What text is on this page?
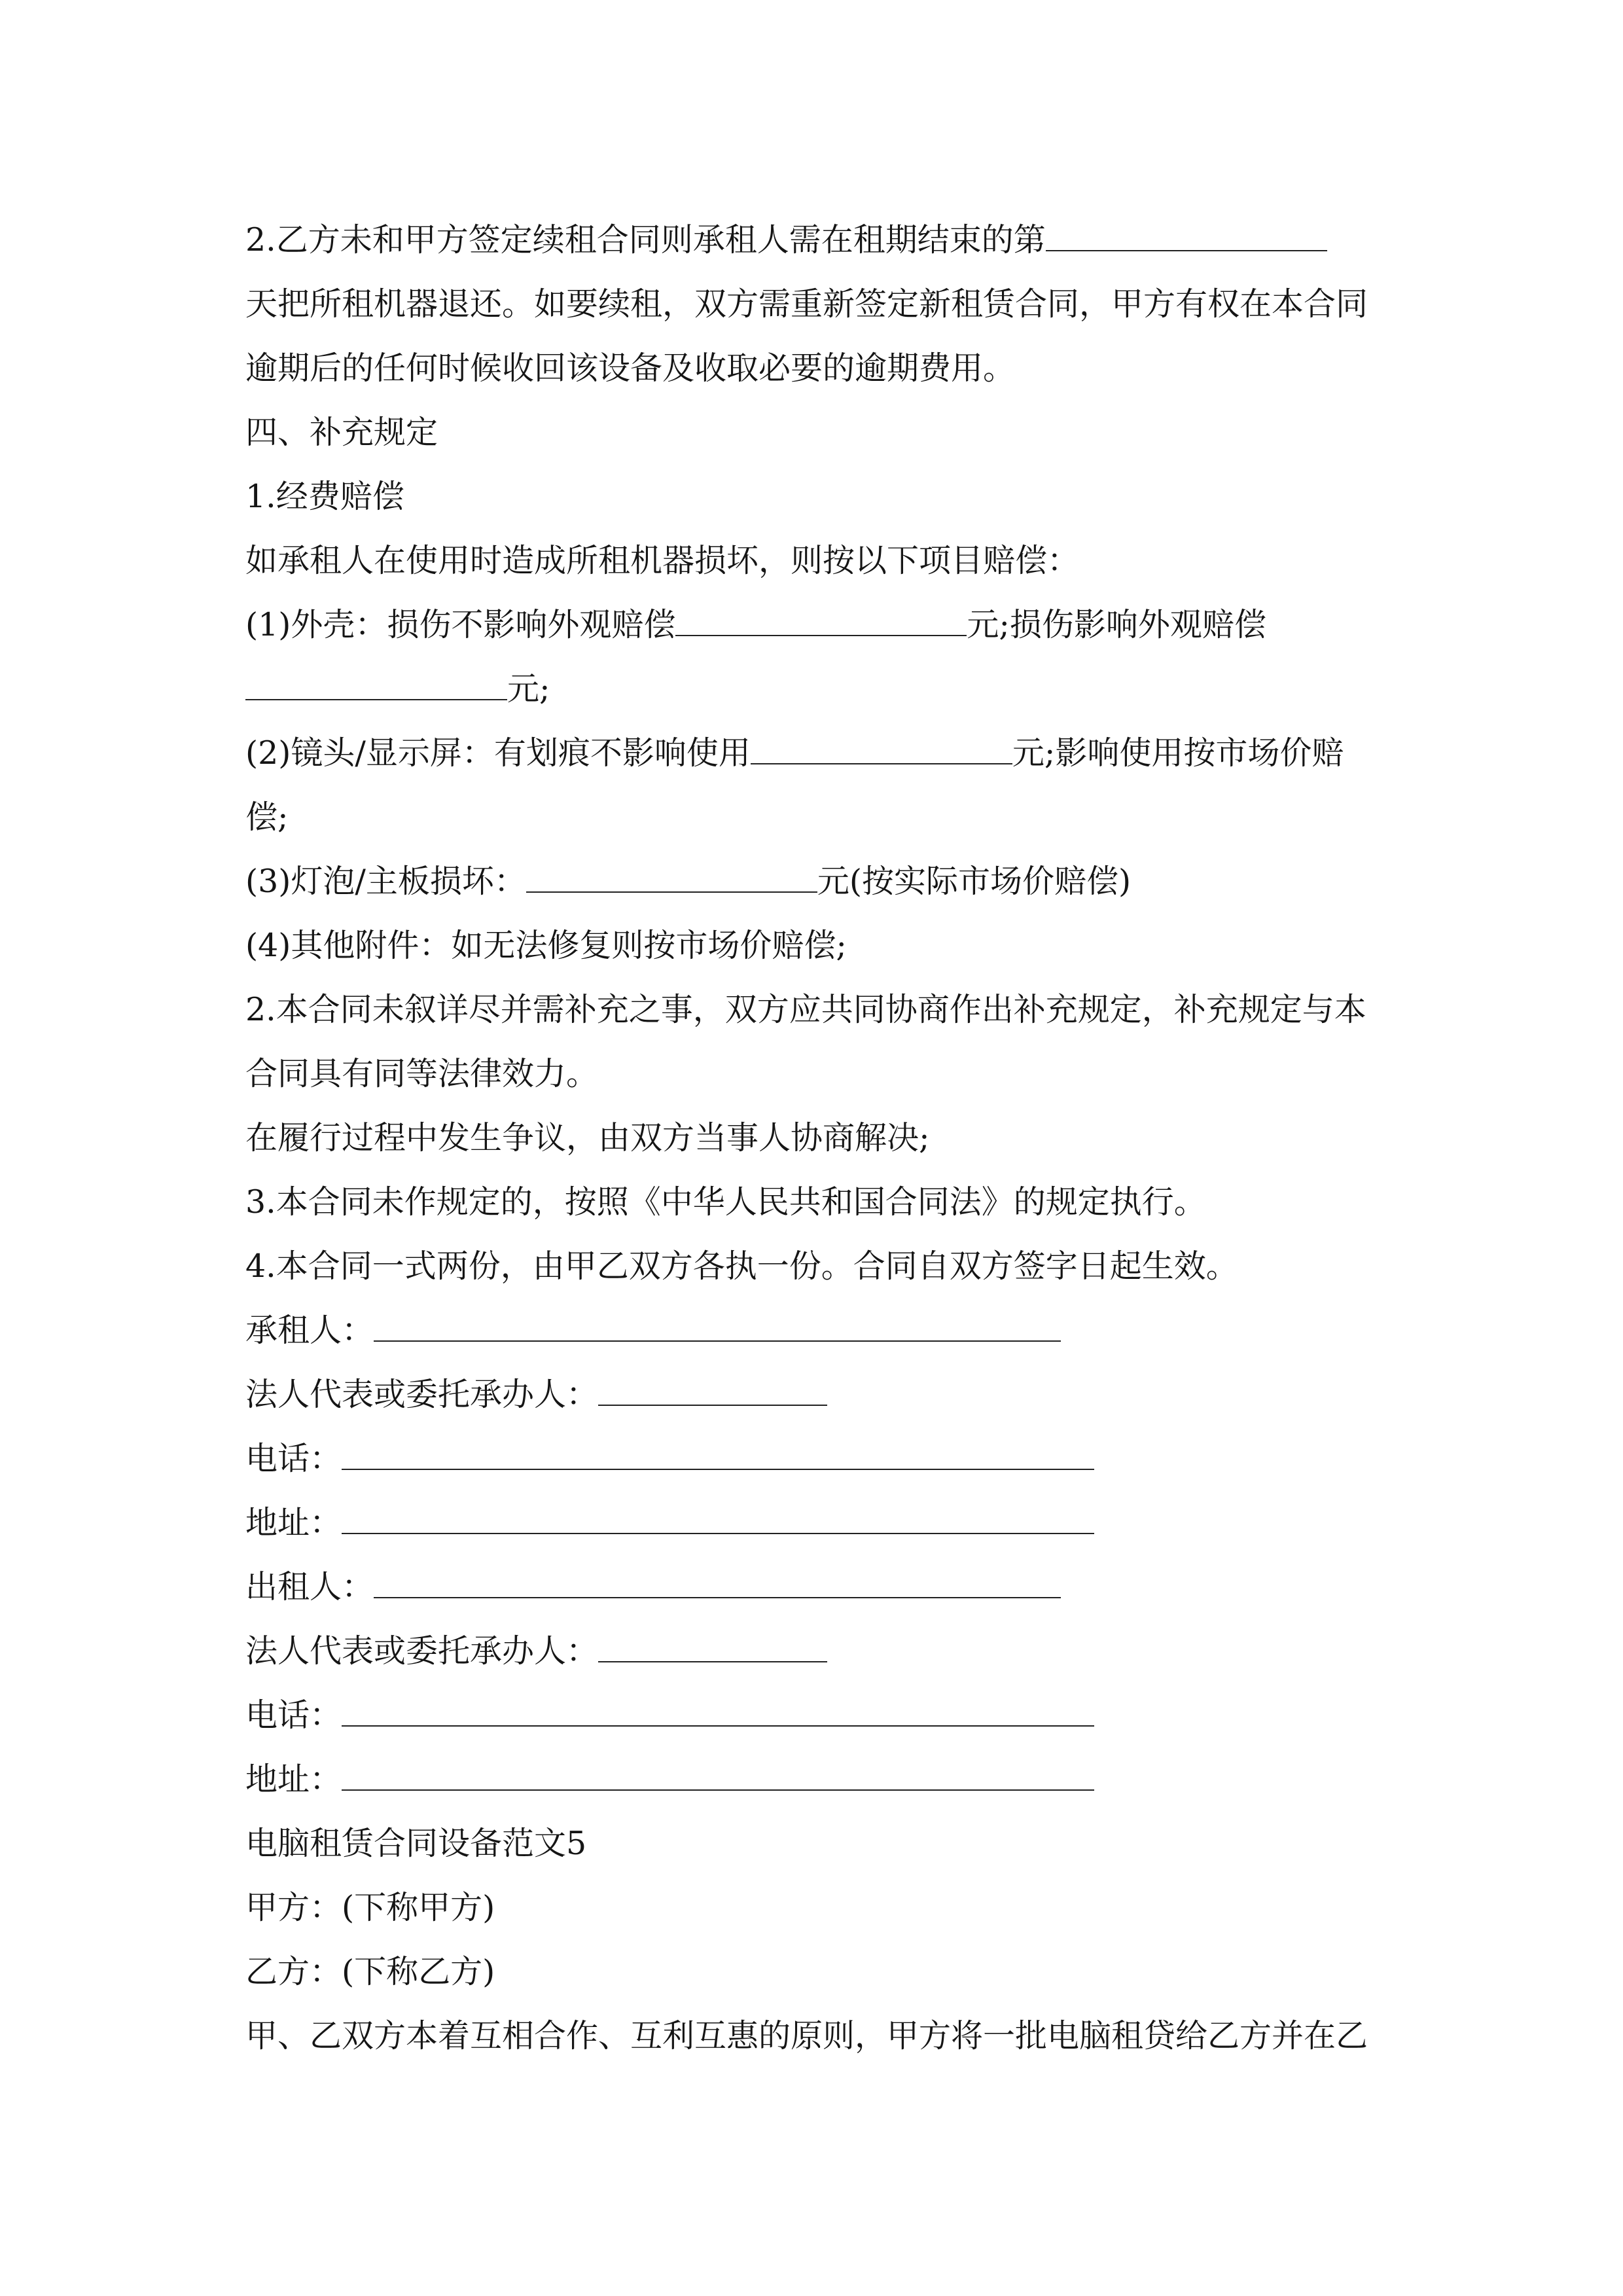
2.乙方未和甲方签定续租合同则承租人需在租期结束的第
天把所租机器退还。如要续租，双方需重新签定新租赁合同，甲方有权在本合同
逾期后的任何时候收回该设备及收取必要的逾期费用。
四、补充规定
1.经费赔偿
如承租人在使用时造成所租机器损坏，则按以下项目赔偿：
(1)外壳：损伤不影响外观赔偿	元;损伤影响外观赔偿
元;
(2)镜头/显示屏：有划痕不影响使用	元;影响使用按市场价赔
偿;
(3)灯泡/主板损坏：	元(按实际市场价赔偿)
(4)其他附件：如无法修复则按市场价赔偿;
2.本合同未叙详尽并需补充之事，双方应共同协商作出补充规定，补充规定与本
合同具有同等法律效力。
在履行过程中发生争议，由双方当事人协商解决;
3.本合同未作规定的，按照《中华人民共和国合同法》的规定执行。
4.本合同一式两份，由甲乙双方各执一份。合同自双方签字日起生效。
承租人：
法人代表或委托承办人：
电话：
地址：
出租人：
法人代表或委托承办人：
电话：
地址：
电脑租赁合同设备范文5
甲方：(下称甲方)
乙方：(下称乙方)
甲、乙双方本着互相合作、互利互惠的原则，甲方将一批电脑租贷给乙方并在乙
